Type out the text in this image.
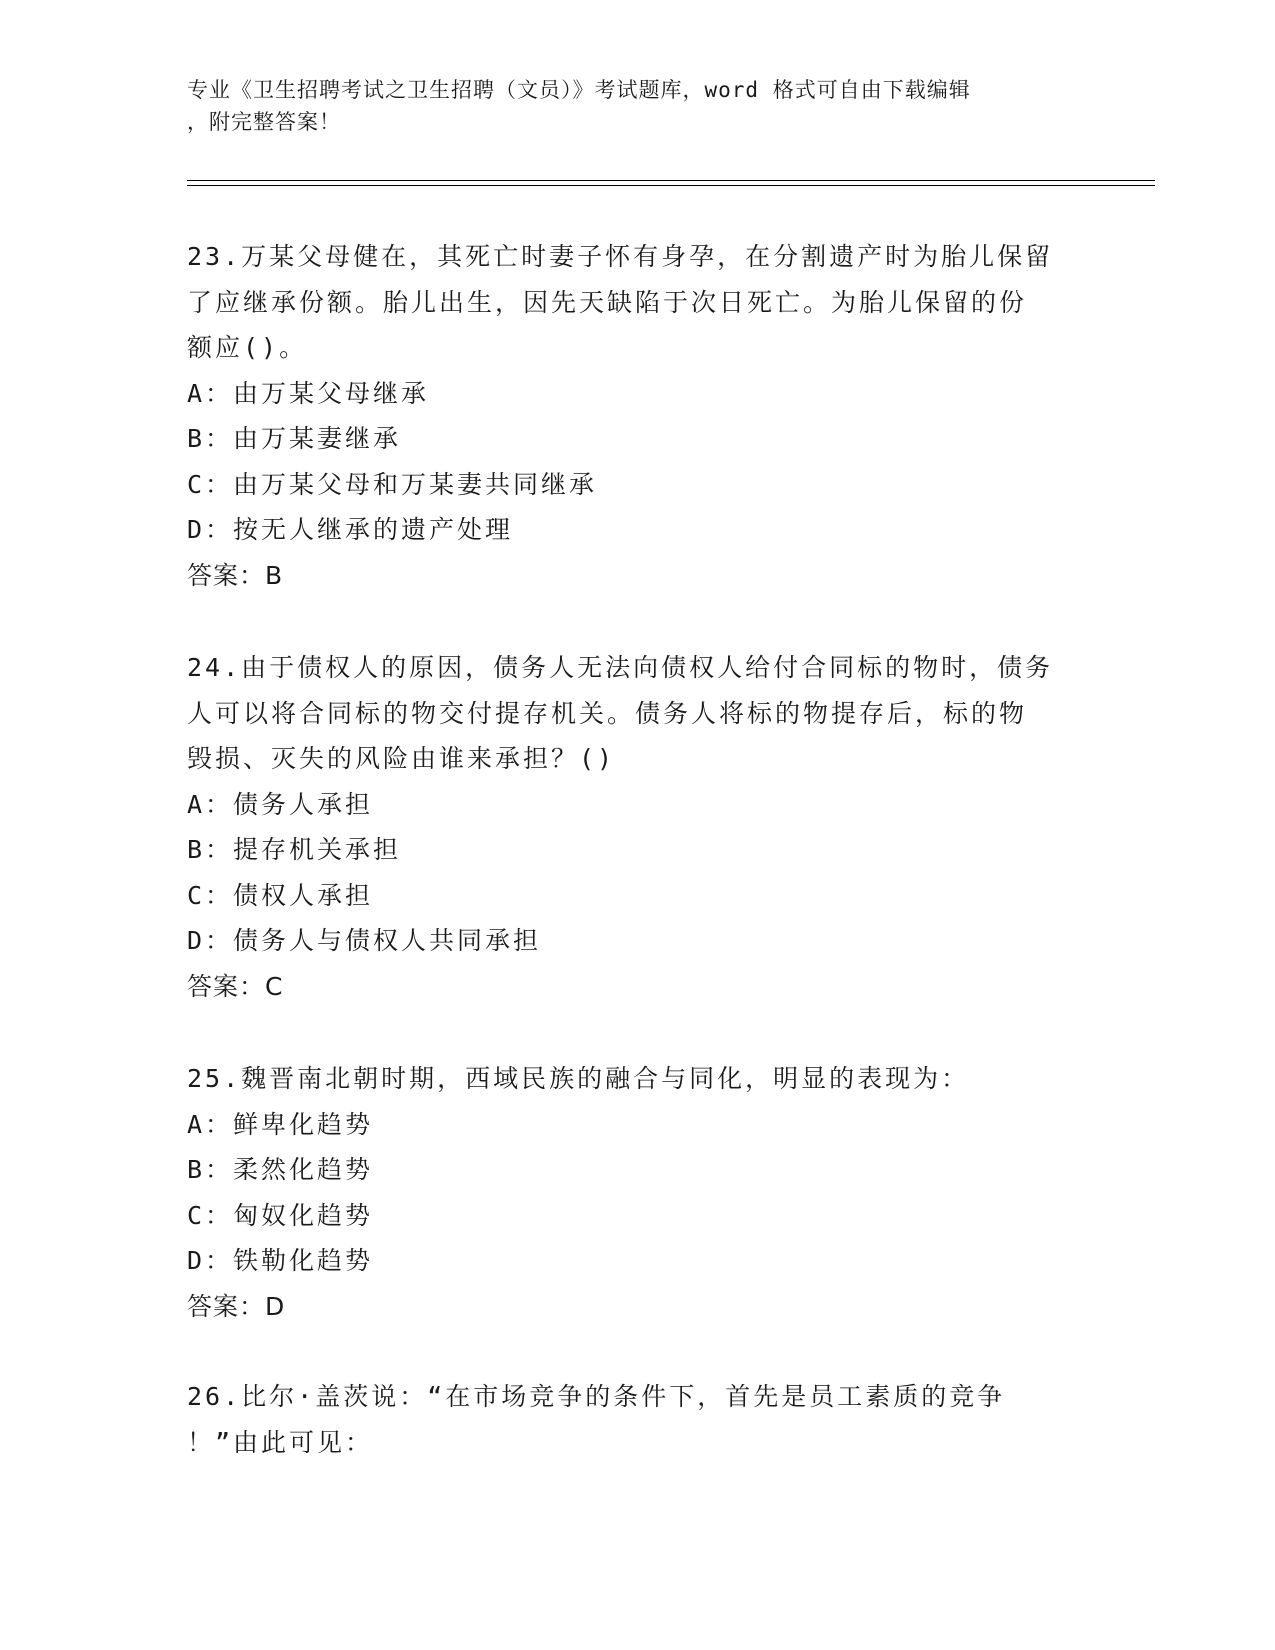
专业《卫生招聘考试之卫生招聘（文员）》考试题库，word 格式可自由下载编辑
，附完整答案！
23.万某父母健在，其死亡时妻子怀有身孕，在分割遗产时为胎儿保留
了应继承份额。胎儿出生，因先天缺陷于次日死亡。为胎儿保留的份
额应()。
A：由万某父母继承
B：由万某妻继承
C：由万某父母和万某妻共同继承
D：按无人继承的遗产处理
答案：B
24.由于债权人的原因，债务人无法向债权人给付合同标的物时，债务
人可以将合同标的物交付提存机关。债务人将标的物提存后，标的物
毁损、灭失的风险由谁来承担？()
A：债务人承担
B：提存机关承担
C：债权人承担
D：债务人与债权人共同承担
答案：C
25.魏晋南北朝时期，西域民族的融合与同化，明显的表现为：
A：鲜卑化趋势
B：柔然化趋势
C：匈奴化趋势
D：铁勒化趋势
答案：D
26.比尔·盖茨说：“在市场竞争的条件下，首先是员工素质的竞争
！”由此可见：
